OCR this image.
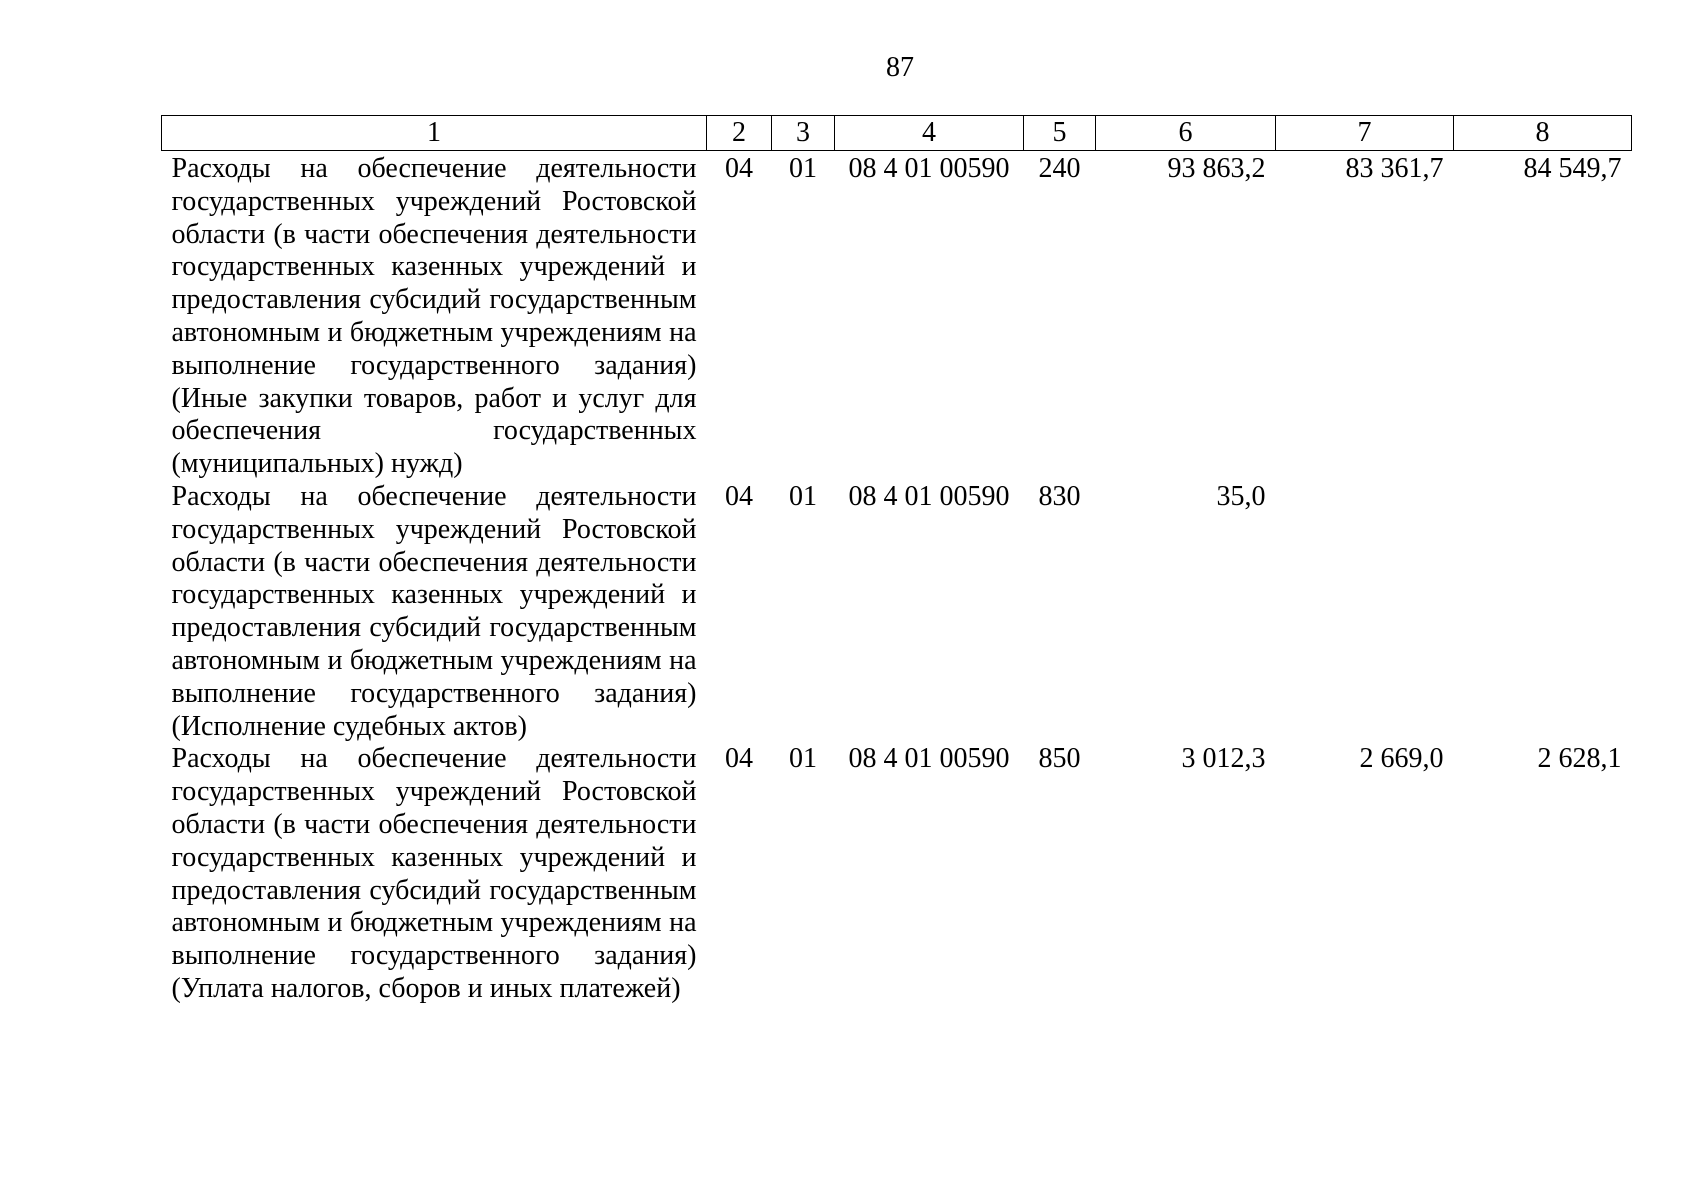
87
1	2	3	4	5	6	7	8
Расходы на обеспечение деятельности государственных учреждений Ростовской области (в части обеспечения деятельности государственных казенных учреждений и предоставления субсидий государственным автономным и бюджетным учреждениям на выполнение государственного задания) (Иные закупки товаров, работ и услуг для обеспечения государственных (муниципальных) нужд)	04	01	08 4 01 00590	240	93 863,2	83 361,7	84 549,7
Расходы на обеспечение деятельности государственных учреждений Ростовской области (в части обеспечения деятельности государственных казенных учреждений и предоставления субсидий государственным автономным и бюджетным учреждениям на выполнение государственного задания) (Исполнение судебных актов)	04	01	08 4 01 00590	830	35,0		
Расходы на обеспечение деятельности государственных учреждений Ростовской области (в части обеспечения деятельности государственных казенных учреждений и предоставления субсидий государственным автономным и бюджетным учреждениям на выполнение государственного задания) (Уплата налогов, сборов и иных платежей)	04	01	08 4 01 00590	850	3 012,3	2 669,0	2 628,1
